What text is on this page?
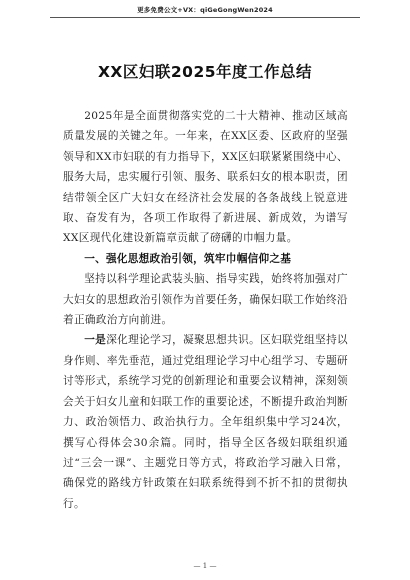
更多免费公文+VX：qiGeGongWen2024
XX区妇联2025年度工作总结

2025年是全面贯彻落实党的二十大精神、推动区域高质量发展的关键之年。一年来，在XX区委、区政府的坚强领导和XX市妇联的有力指导下，XX区妇联紧紧围绕中心、服务大局，忠实履行引领、服务、联系妇女的根本职责，团结带领全区广大妇女在经济社会发展的各条战线上锐意进取、奋发有为，各项工作取得了新进展、新成效，为谱写XX区现代化建设新篇章贡献了磅礴的巾帼力量。

一、强化思想政治引领，筑牢巾帼信仰之基

坚持以科学理论武装头脑、指导实践，始终将加强对广大妇女的思想政治引领作为首要任务，确保妇联工作始终沿着正确政治方向前进。

一是深化理论学习，凝聚思想共识。区妇联党组坚持以身作则、率先垂范，通过党组理论学习中心组学习、专题研讨等形式，系统学习党的创新理论和重要会议精神，深刻领会关于妇女儿童和妇联工作的重要论述，不断提升政治判断力、政治领悟力、政治执行力。全年组织集中学习24次，撰写心得体会30余篇。同时，指导全区各级妇联组织通过“三会一课”、主题党日等方式，将政治学习融入日常，确保党的路线方针政策在妇联系统得到不折不扣的贯彻执行。

— 1 —
